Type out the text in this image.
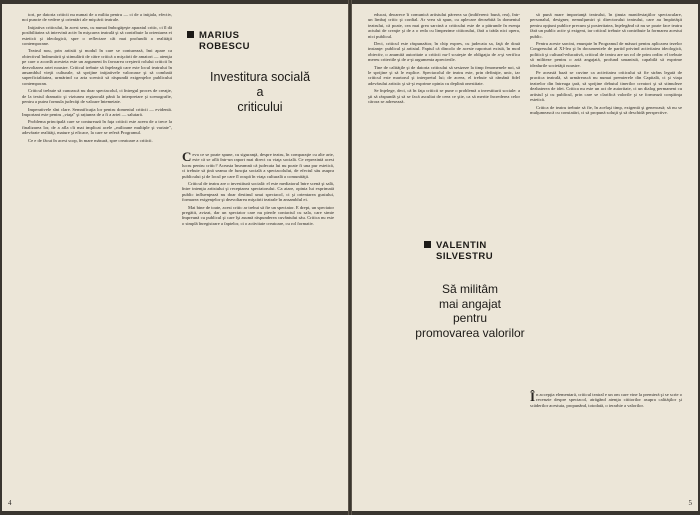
tori, pe datoria criticii nu numai de a milita pentru — ci de a iniţiala, efectiv, noi puncte de vedere şi orientări ale mişcării teatrale.

Iniţiativa criticului, în acest sens, cu numai îmbogăţeşte aparatul critic, ci îl dă posibilitatea să intervină activ în mişcarea teatrală şi să contribuie la orientarea ei estetică şi ideologică, spre o reflectare cât mai profundă a realităţii contemporane.

Teatrul nou, prin artistii şi modul în care se conturează, îmi apare ca obiectivul îndrumării şi stimulării de către critică a mişcării de amatori — atenţia pe care o acordă acesteia este un argument în favoarea creşterii rolului criticii în dezvoltarea artei noastre. Criticul trebuie să înţeleagă care este locul teatrului în ansamblul vieţii culturale, să sprijine iniţiativele valoroase şi să combată superficialitatea, urmărind ca arta scenică să răspundă exigenţelor publicului contemporan.

Criticul trebuie să cunoască nu doar spectacolul, ci întregul proces de creaţie, de la textul dramatic şi viziunea regizorală până la interpretare şi scenografie, pentru a putea formula judecăţi de valoare întemeiate.

Imperativele sînt clare. Semnificaţia lor pentru domeniul criticii — evidentă. Important este pentru „viaţa" şi rațiunea de a fi a artei — salutară.

Problema principală care se conturează în faţa criticii este aceea de a trece la finalizarea lor, de a afla cît mai implicat acele „milioane multiple şi variate", adevărate realităţi, mature şi eficace, la care se referă Programul.

Ce e de făcut în acest scop, în mare măsură, spre creatoare a criticii.

MARIUS
ROBESCU
Investitura socială
a
criticului

Ceva ce se poate spune, cu siguranţă, despre teatru, în comparaţie cu alte arte, este că se află într-un raport mai direct cu viaţa socială. Ce reprezintă acest lucru pentru critic? Aceasta înseamnă că judecata lui nu poate fi una pur estetică, ci trebuie să ţină seama de funcţia socială a spectacolului, de efectul său asupra publicului şi de locul pe care îl ocupă în viaţa culturală a comunităţii.

Criticul de teatru are o investitură socială: el este mediatorul între scenă şi sală, între intenţia artistului şi receptarea spectatorului. Ca atare, opinia lui exprimată public influenţează nu doar destinul unui spectacol, ci şi orientarea gustului, formarea exigenţelor şi dezvoltarea mişcării teatrale în ansamblul ei.

Mai bine de toate, acest critic ar trebui să fie un spectator. E drept, un spectator pregătit, avizat, dar un spectator care nu pierde contactul cu sala, care simte împreună cu publicul şi care îşi asumă răspunderea cuvântului său. Critica nu este o simplă înregistrare a faptelor, ci o activitate creatoare, cu rol formativ.

4

educat, deoarece îi comunică artistului părerea sa (indiferent: bună, rea), într-un limbaj critic şi cordial. Ar vrea să spun, cu aplecare deosebită la domeniul teatrului, că poate, cea mai grea sarcină a criticului este de a pătrunde în esenţa actului de creaţie şi de a o reda cu limpezime cititorului, fără a trăda nici opera, nici publicul.

Deci, criticul este răspunzător, în chip expres, cu judecata sa, faţă de două instanţe: publicul şi artistul. Faptul că dincolo de aceste raporturi există, în mod obiectiv, o anumită autoritate a criticii nu-l scuteşte de obligaţia de a-şi verifica mereu criteriile şi de a-şi argumenta aprecierile.

Tine de calităţile şi de datoria criticului să sesizeze la timp fenomenele noi, să le sprijine şi să le explice. Spectacolul de teatru este, prin definiţie, unic, iar criticul este martorul şi interpretul lui; de aceea, el trebuie să rămână fidel adevărului artistic şi să-şi exprime opinia cu deplină onestitate.

Se înţelege, deci, că în faţa criticii se pune o problemă a investiturii sociale: a şti să răspundă şi să se facă ascultat de ceea ce ştie, ca să merite încrederea celor cărora se adresează.

să pună mare importanţă teatrului, în ţinuta manifestaţiilor spectaculare, personalul, designer, nemulţumiri şi directorului teatrului, care au împărtăşit pentru opţiuni publice precum şi posteritatea, înţelegând că nu se poate face teatru fără un public activ şi exigent, iar criticul trebuie să contribuie la formarea acestui public.

Pentru aceste sarcini, enunţate în Programul de măsuri pentru aplicarea tezelor Congresului al XI-lea şi în documentele de partid privind activitatea ideologică, politică şi cultural-educativă, criticul de teatru are un rol de prim ordin: el trebuie să militeze pentru o artă angajată, profund umanistă, capabilă să exprime idealurile societăţii noastre.

Pe această bază se cuvine ca activitatea criticului să fie strâns legată de practica teatrală, să urmărească nu numai premierele din Capitală, ci şi viaţa teatrelor din întreaga ţară, să sprijine debutul tinerilor creatori şi să stimuleze dezbaterea de idei. Critica nu este un act de autoritate, ci un dialog permanent cu artistul şi cu publicul, prin care se clarifică valorile şi se formează conştiinţa estetică.

Critica de teatru trebuie să fie, în acelaşi timp, exigentă şi generoasă; să nu se mulţumească cu constatări, ci să propună soluţii şi să deschidă perspective.

În accepţia elementară, criticul teatral e un om care vine la premieră şi se scrie o recenzie despre spectacol, atrăgând atenţia cititorilor asupra calităţilor şi scăderilor acestuia, propunând, totodată, o ierarhie a valorilor.

5
VALENTIN
SILVESTRU
Să militâm
mai angajat
pentru
promovarea valorilor
